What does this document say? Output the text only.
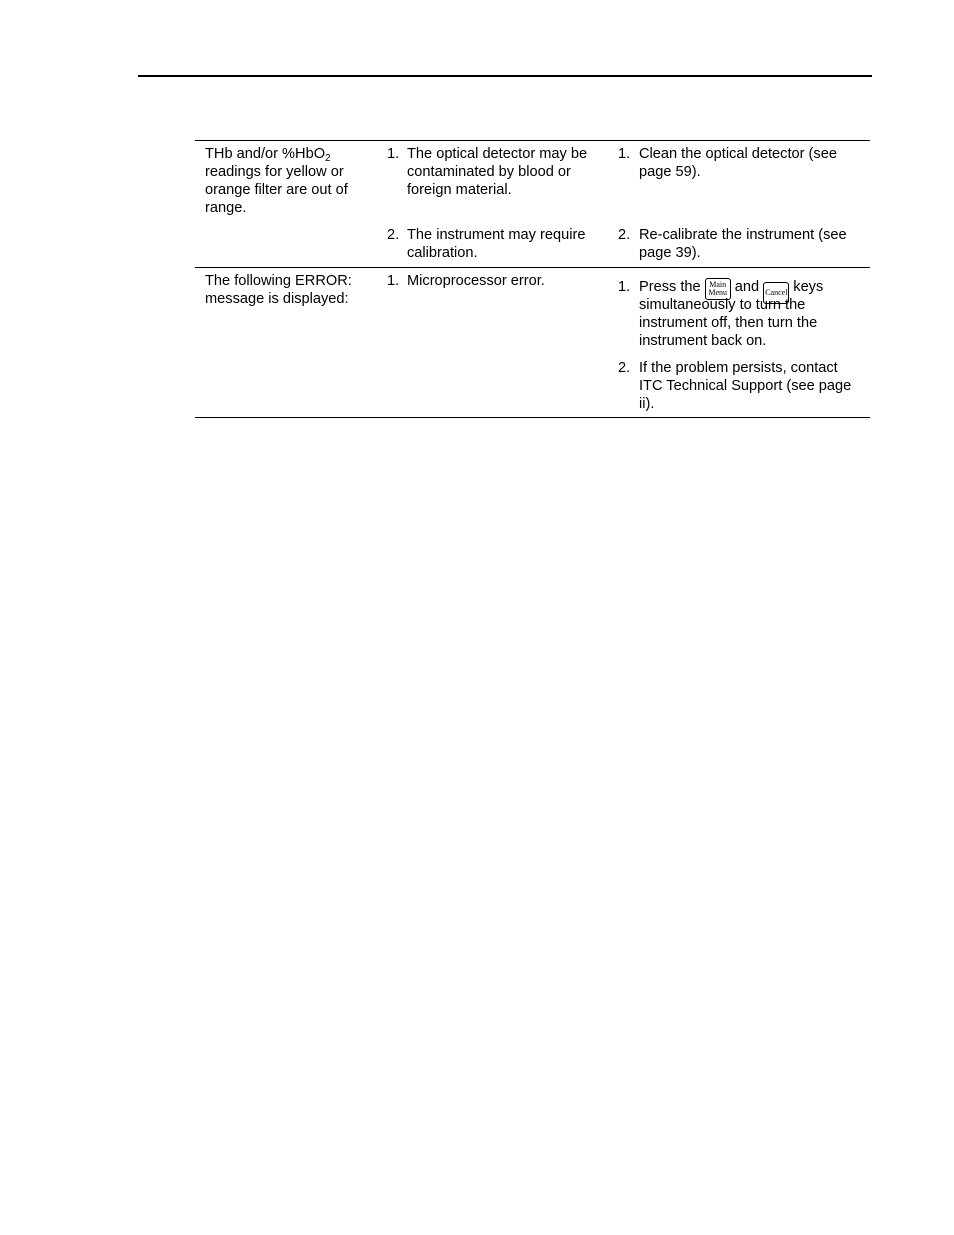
THb and/or %HbO$_2$ readings for yellow or orange filter are out of range.

1. The optical detector may be contaminated by blood or foreign material.

2. The instrument may require calibration.

1. Clean the optical detector (see page 59).

2. Re-calibrate the instrument (see page 39).

The following ERROR: message is displayed:

1. Microprocessor error.	1. Press the	Main
Menu and Cancel keys

simultaneously to turn the instrument off, then turn the instrument back on.

2. If the problem persists, contact ITC Technical Support (see page ii).
